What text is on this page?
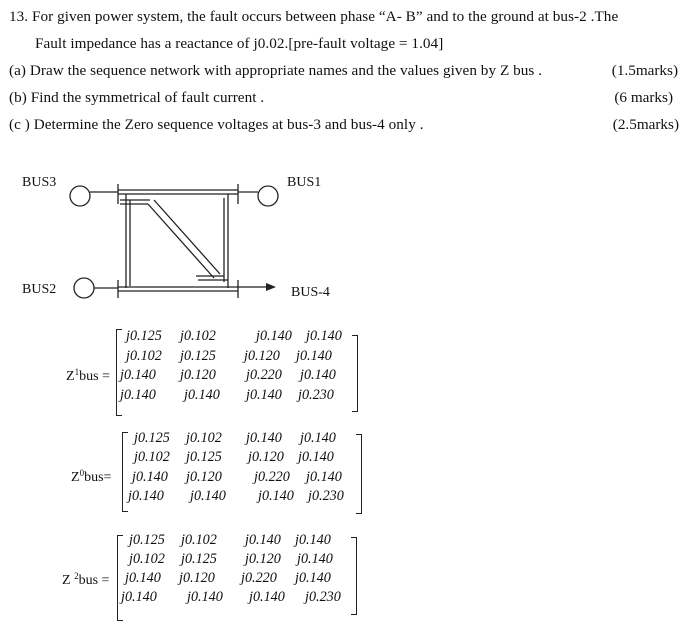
13. For given power system, the fault occurs between phase “A- B” and to the ground at bus-2 .The
Fault impedance has a reactance of j0.02.[pre-fault voltage = 1.04]
(a) Draw the sequence network with appropriate names and the values given by Z bus .	(1.5marks)
(b) Find the symmetrical of fault current .	(6 marks)
(c ) Determine the Zero sequence voltages at bus-3 and bus-4 only .	(2.5marks)
BUS3	BUS1
BUS2	BUS-4
$Z^1bus$ =
j0.125 j0.102	j0.140 j0.140
j0.102 j0.125 j0.120 j0.140
j0.140 j0.120 j0.220 j0.140
j0.140 j0.140 j0.140 j0.230
$Z^0bus=$
j0.125 j0.102 j0.140 j0.140
j0.102 j0.125 j0.120 j0.140
j0.140 j0.120 j0.220 j0.140
j0.140 j0.140 j0.140 j0.230
Z $^2$bus =
j0.125 j0.102 j0.140 j0.140
j0.102 j0.125 j0.120 j0.140
j0.140 j0.120 j0.220 j0.140
j0.140 j0.140 j0.140 j0.230
